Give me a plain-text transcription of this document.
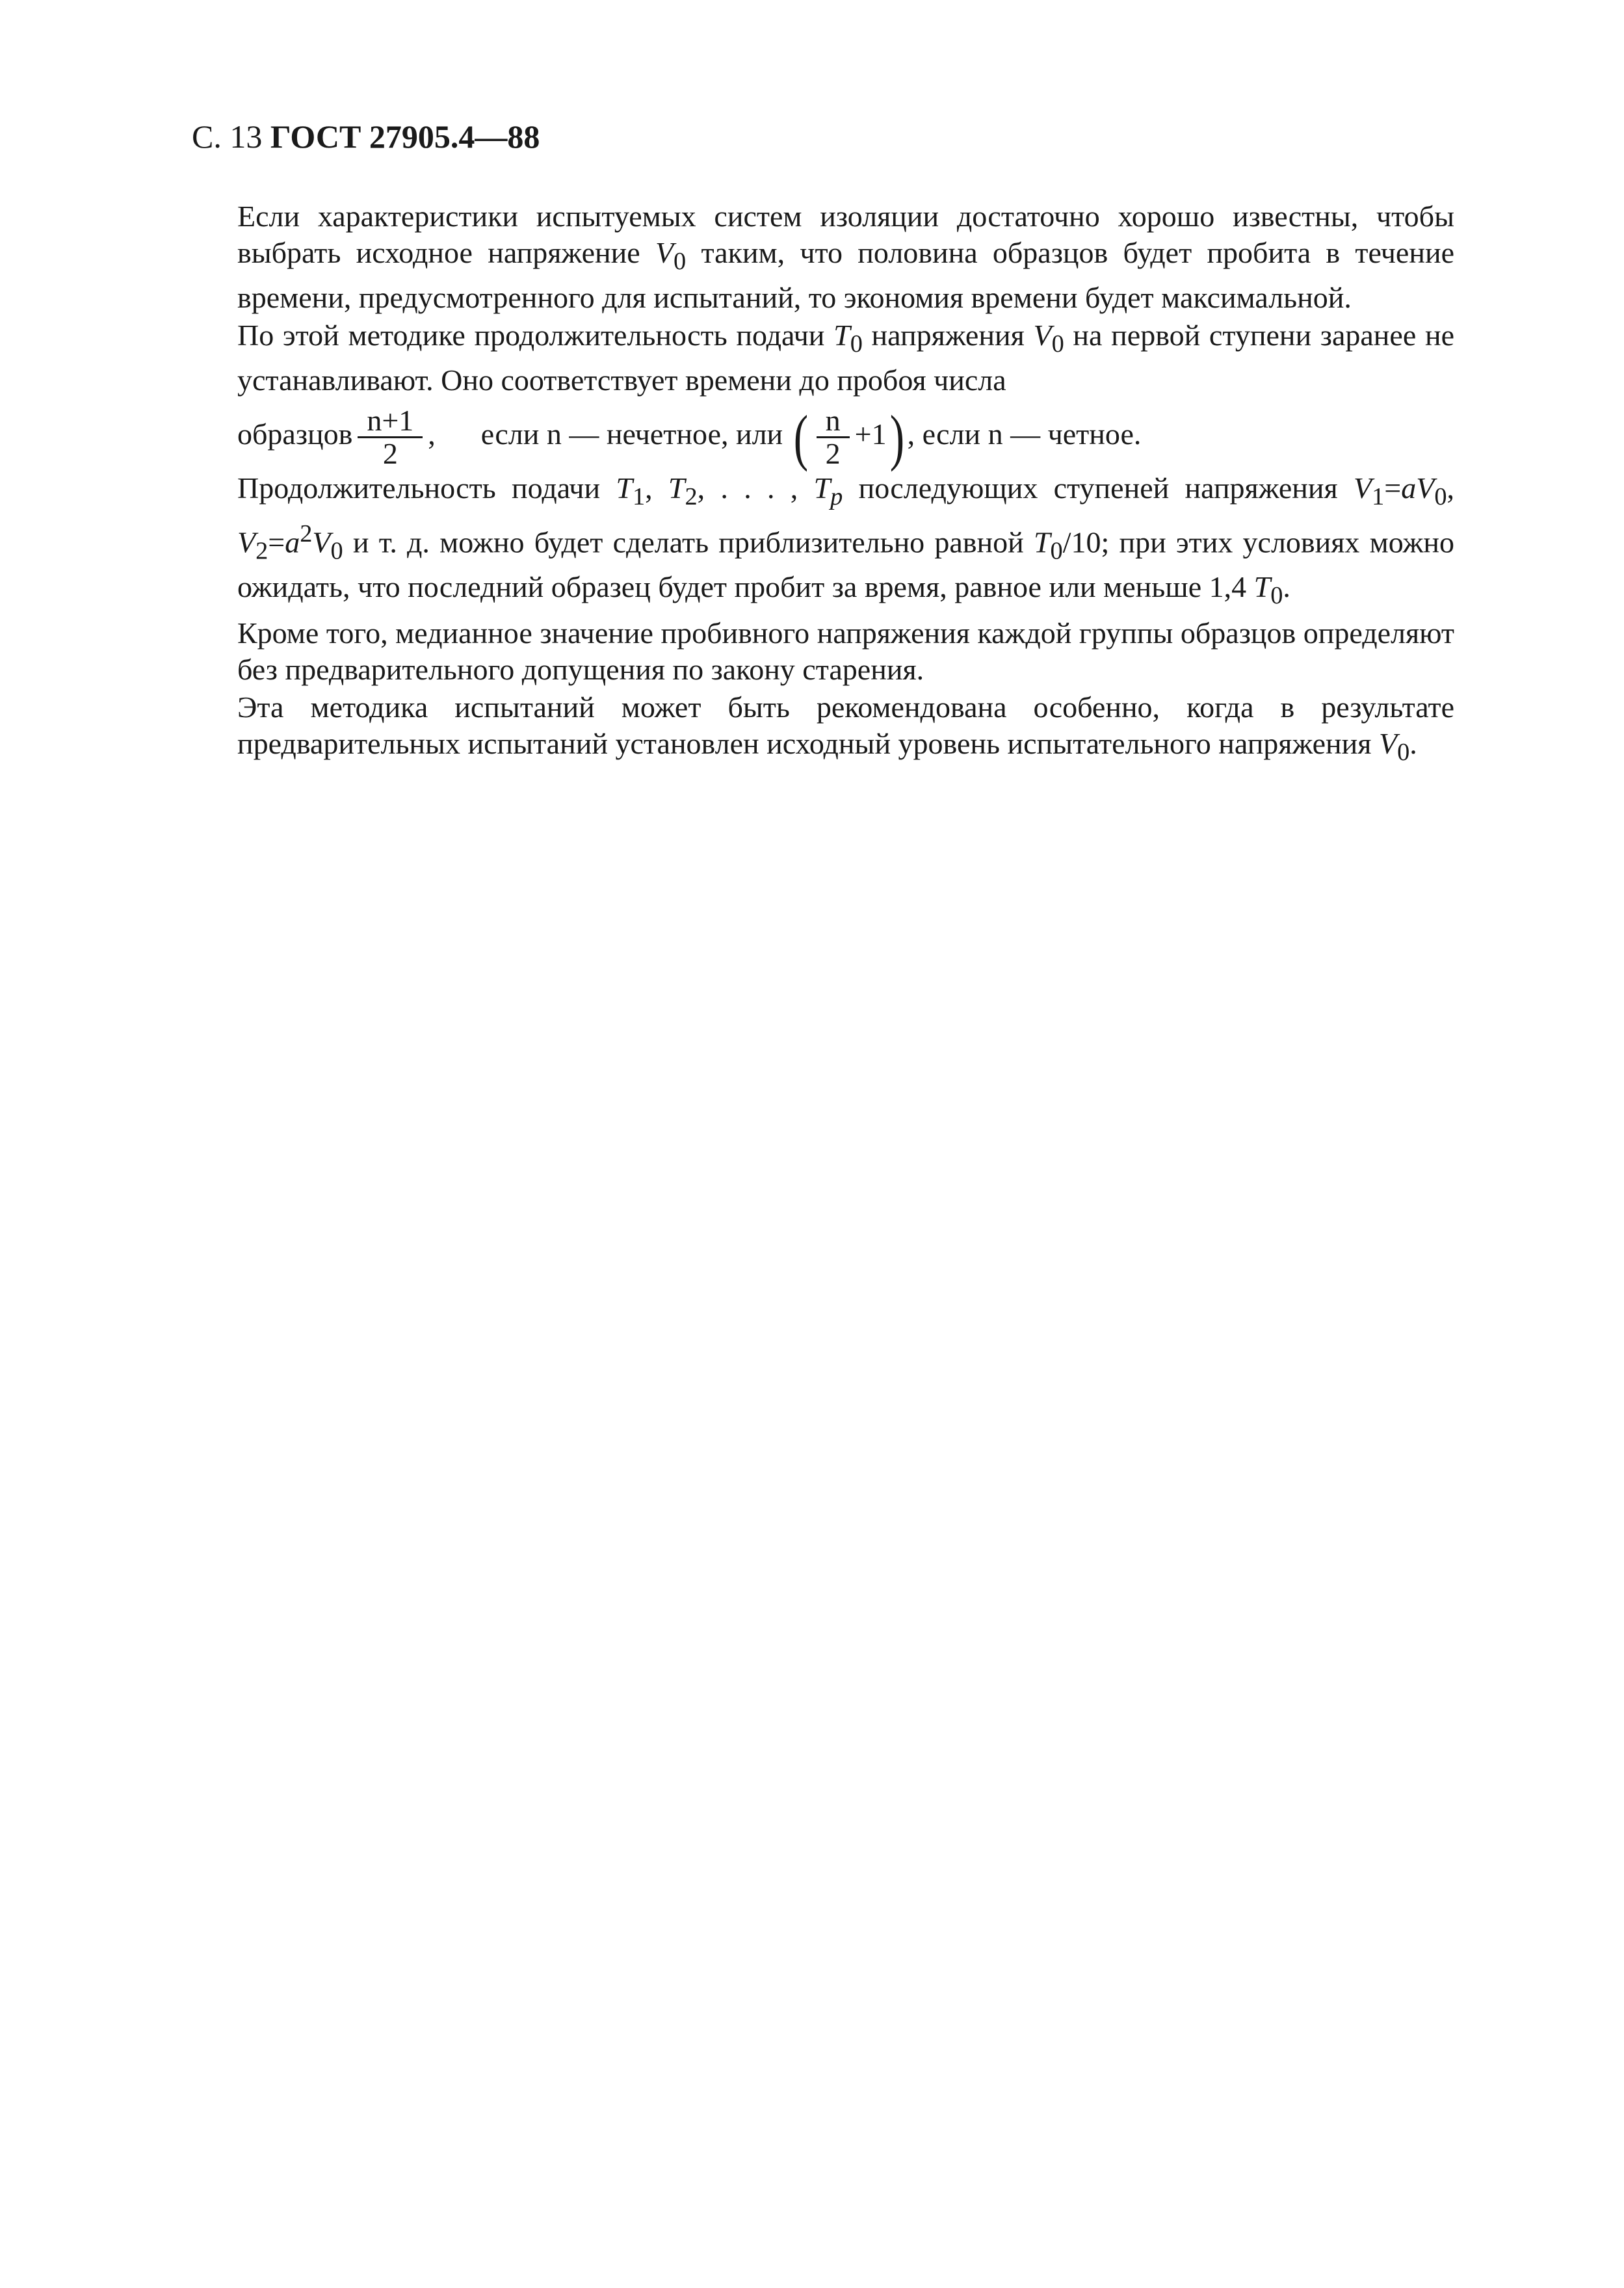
С. 13 ГОСТ 27905.4—88

Если характеристики испытуемых систем изоляции достаточно хорошо известны, чтобы выбрать исходное напряжение $V_0$ таким, что половина образцов будет пробита в течение времени, предусмотренного для испытаний, то экономия времени будет максимальной.

По этой методике продолжительность подачи $T_0$ напряжения $V_0$ на первой ступени заранее не устанавливают. Оно соответствует времени до пробоя числа

образцов $\frac{n+1}{2}$ , если n — нечетное, или ( $\frac{n}{2} +1$) , если n — четное.

Продолжительность подачи $T_1$, $T_2$, . . . , $T_p$ последующих ступеней напряжения $V_1=aV_0$, $V_2=a^2V_0$ и т. д. можно будет сделать приблизительно равной $T_0/10$; при этих условиях можно ожидать, что последний образец будет пробит за время, равное или меньше 1,4 $T_0$.

Кроме того, медианное значение пробивного напряжения каждой группы образцов определяют без предварительного допущения по закону старения.

Эта методика испытаний может быть рекомендована особенно, когда в результате предварительных испытаний установлен исходный уровень испытательного напряжения $V_0$.
